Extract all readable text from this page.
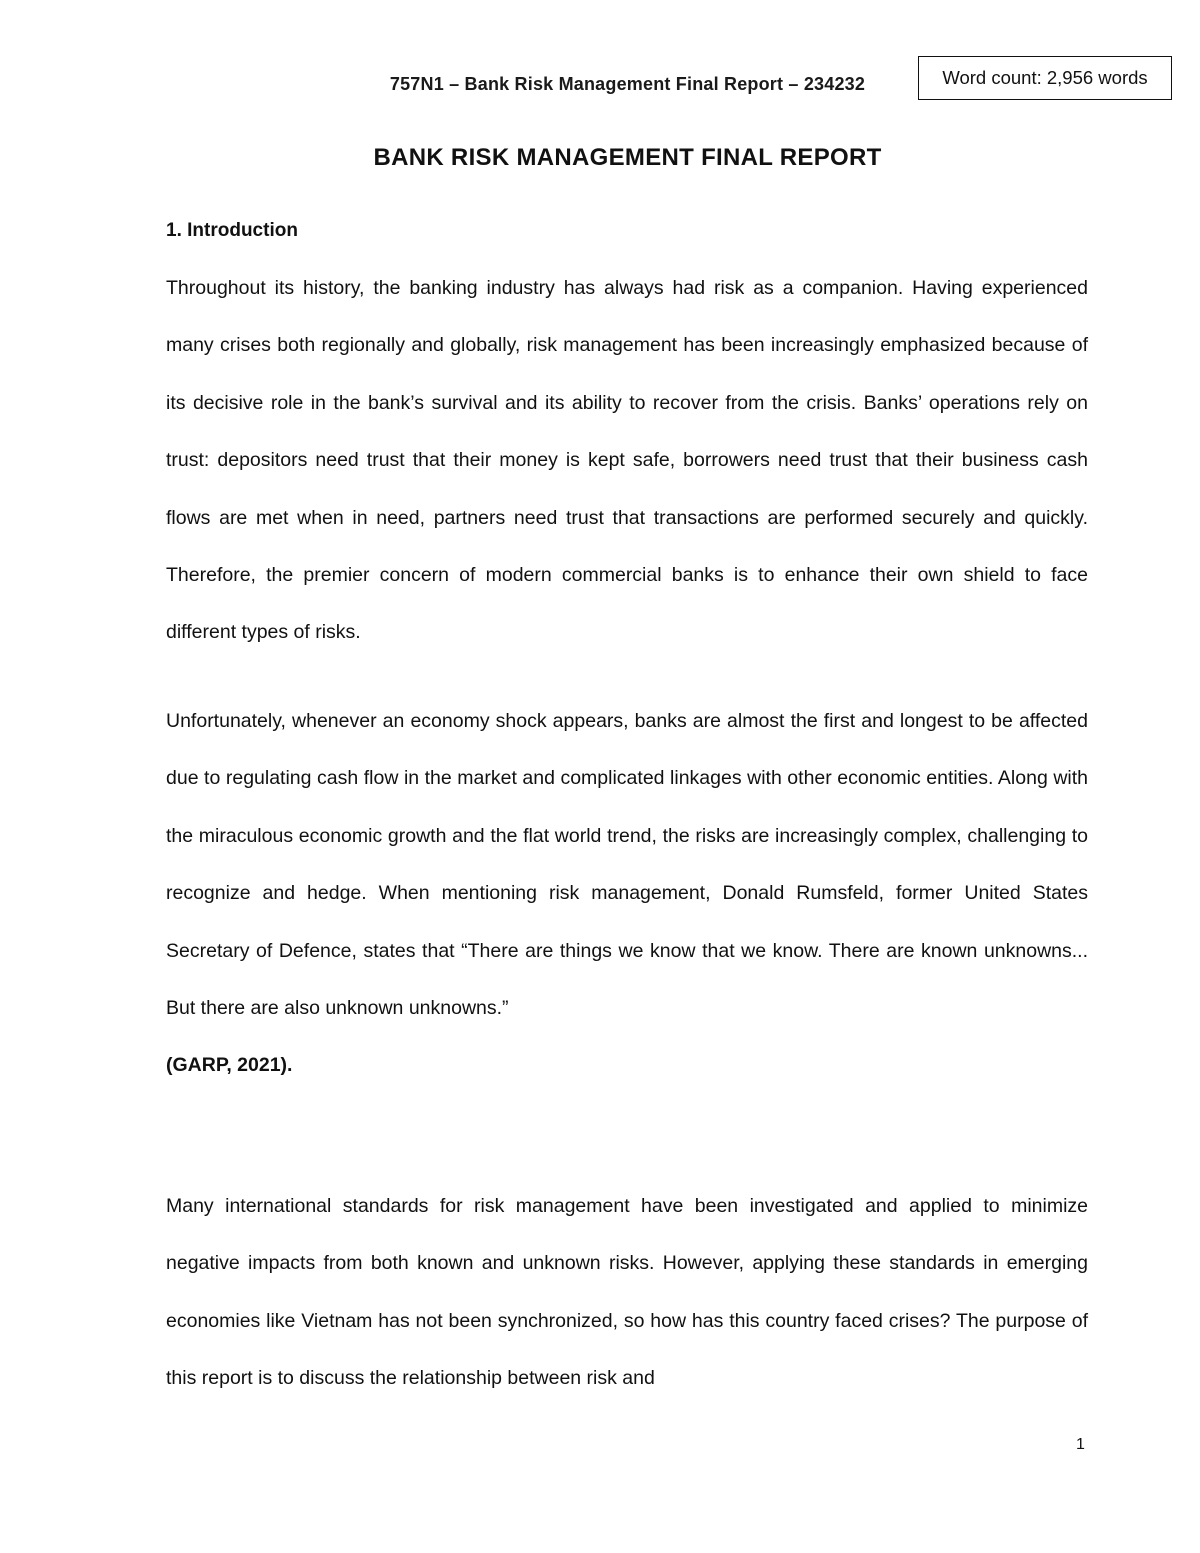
757N1 – Bank Risk Management Final Report – 234232	Word count: 2,956 words
BANK RISK MANAGEMENT FINAL REPORT
1. Introduction

Throughout its history, the banking industry has always had risk as a companion. Having experienced many crises both regionally and globally, risk management has been increasingly emphasized because of its decisive role in the bank’s survival and its ability to recover from the crisis. Banks’ operations rely on trust: depositors need trust that their money is kept safe, borrowers need trust that their business cash flows are met when in need, partners need trust that transactions are performed securely and quickly. Therefore, the premier concern of modern commercial banks is to enhance their own shield to face different types of risks.

Unfortunately, whenever an economy shock appears, banks are almost the first and longest to be affected due to regulating cash flow in the market and complicated linkages with other economic entities. Along with the miraculous economic growth and the flat world trend, the risks are increasingly complex, challenging to recognize and hedge. When mentioning risk management, Donald Rumsfeld, former United States Secretary of Defence, states that “There are things we know that we know. There are known unknowns... But there are also unknown unknowns.”
(GARP, 2021).

Many international standards for risk management have been investigated and applied to minimize negative impacts from both known and unknown risks. However, applying these standards in emerging economies like Vietnam has not been synchronized, so how has this country faced crises? The purpose of this report is to discuss the relationship between risk and

1
